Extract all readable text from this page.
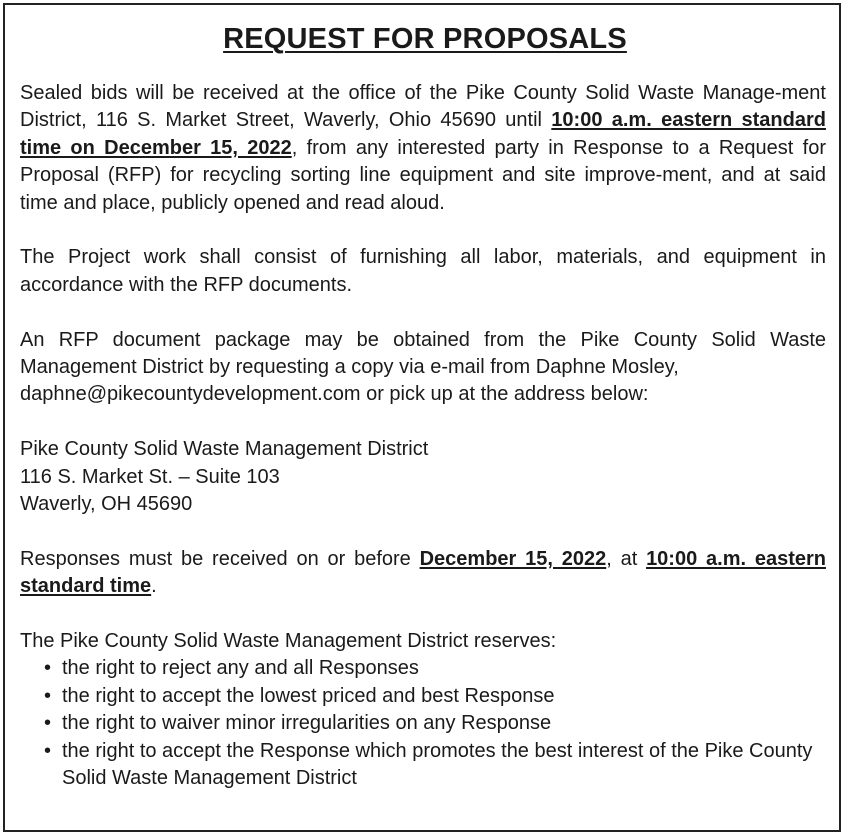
REQUEST FOR PROPOSALS

Sealed bids will be received at the office of the Pike County Solid Waste Manage-ment District, 116 S. Market Street, Waverly, Ohio 45690 until 10:00 a.m. eastern standard time on December 15, 2022, from any interested party in Response to a Request for Proposal (RFP) for recycling sorting line equipment and site improve-ment, and at said time and place, publicly opened and read aloud.

The Project work shall consist of furnishing all labor, materials, and equipment in accordance with the RFP documents.

An RFP document package may be obtained from the Pike County Solid Waste Management District by requesting a copy via e-mail from Daphne Mosley,
daphne@pikecountydevelopment.com or pick up at the address below:

Pike County Solid Waste Management District
116 S. Market St. – Suite 103
Waverly, OH 45690

Responses must be received on or before December 15, 2022, at 10:00 a.m. eastern standard time.

The Pike County Solid Waste Management District reserves:
• the right to reject any and all Responses
• the right to accept the lowest priced and best Response
• the right to waiver minor irregularities on any Response
• the right to accept the Response which promotes the best interest of the Pike County Solid Waste Management District
